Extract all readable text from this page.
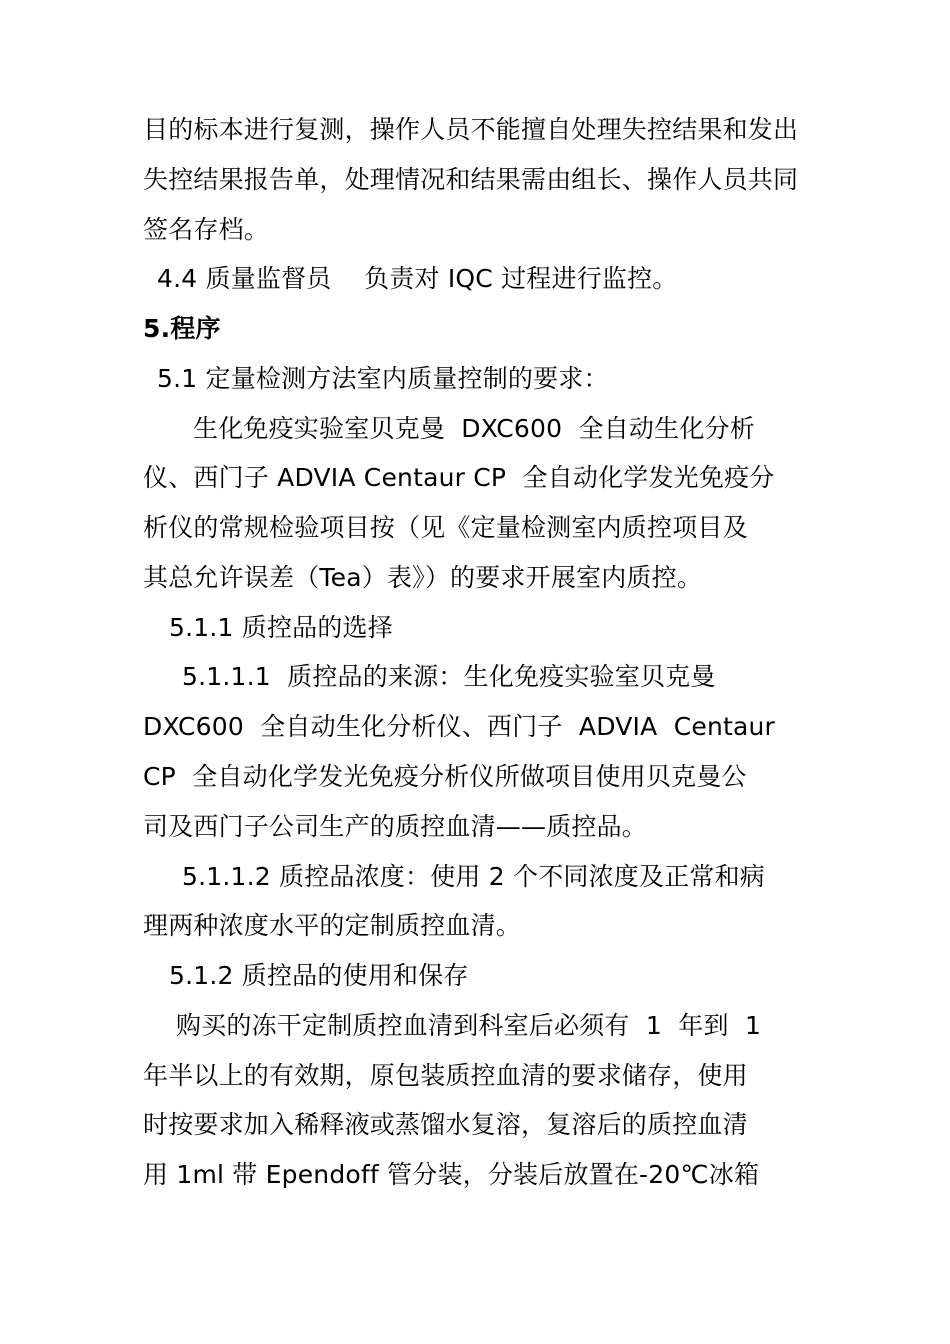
目的标本进行复测，操作人员不能擅自处理失控结果和发出
失控结果报告单，处理情况和结果需由组长、操作人员共同
签名存档。
4.4 质量监督员    负责对 IQC 过程进行监控。
5.程序
5.1 定量检测方法室内质量控制的要求：
生化免疫实验室贝克曼  DXC600  全自动生化分析
仪、西门子 ADVIA Centaur CP  全自动化学发光免疫分
析仪的常规检验项目按（见《定量检测室内质控项目及
其总允许误差（Tea）表》）的要求开展室内质控。
5.1.1 质控品的选择
5.1.1.1  质控品的来源：生化免疫实验室贝克曼
DXC600  全自动生化分析仪、西门子  ADVIA  Centaur
CP  全自动化学发光免疫分析仪所做项目使用贝克曼公
司及西门子公司生产的质控血清——质控品。
5.1.1.2 质控品浓度：使用 2 个不同浓度及正常和病
理两种浓度水平的定制质控血清。
5.1.2 质控品的使用和保存
购买的冻干定制质控血清到科室后必须有  1  年到  1
年半以上的有效期，原包装质控血清的要求储存，使用
时按要求加入稀释液或蒸馏水复溶，复溶后的质控血清
用 1ml 带 Ependoff 管分装，分装后放置在-20℃冰箱
